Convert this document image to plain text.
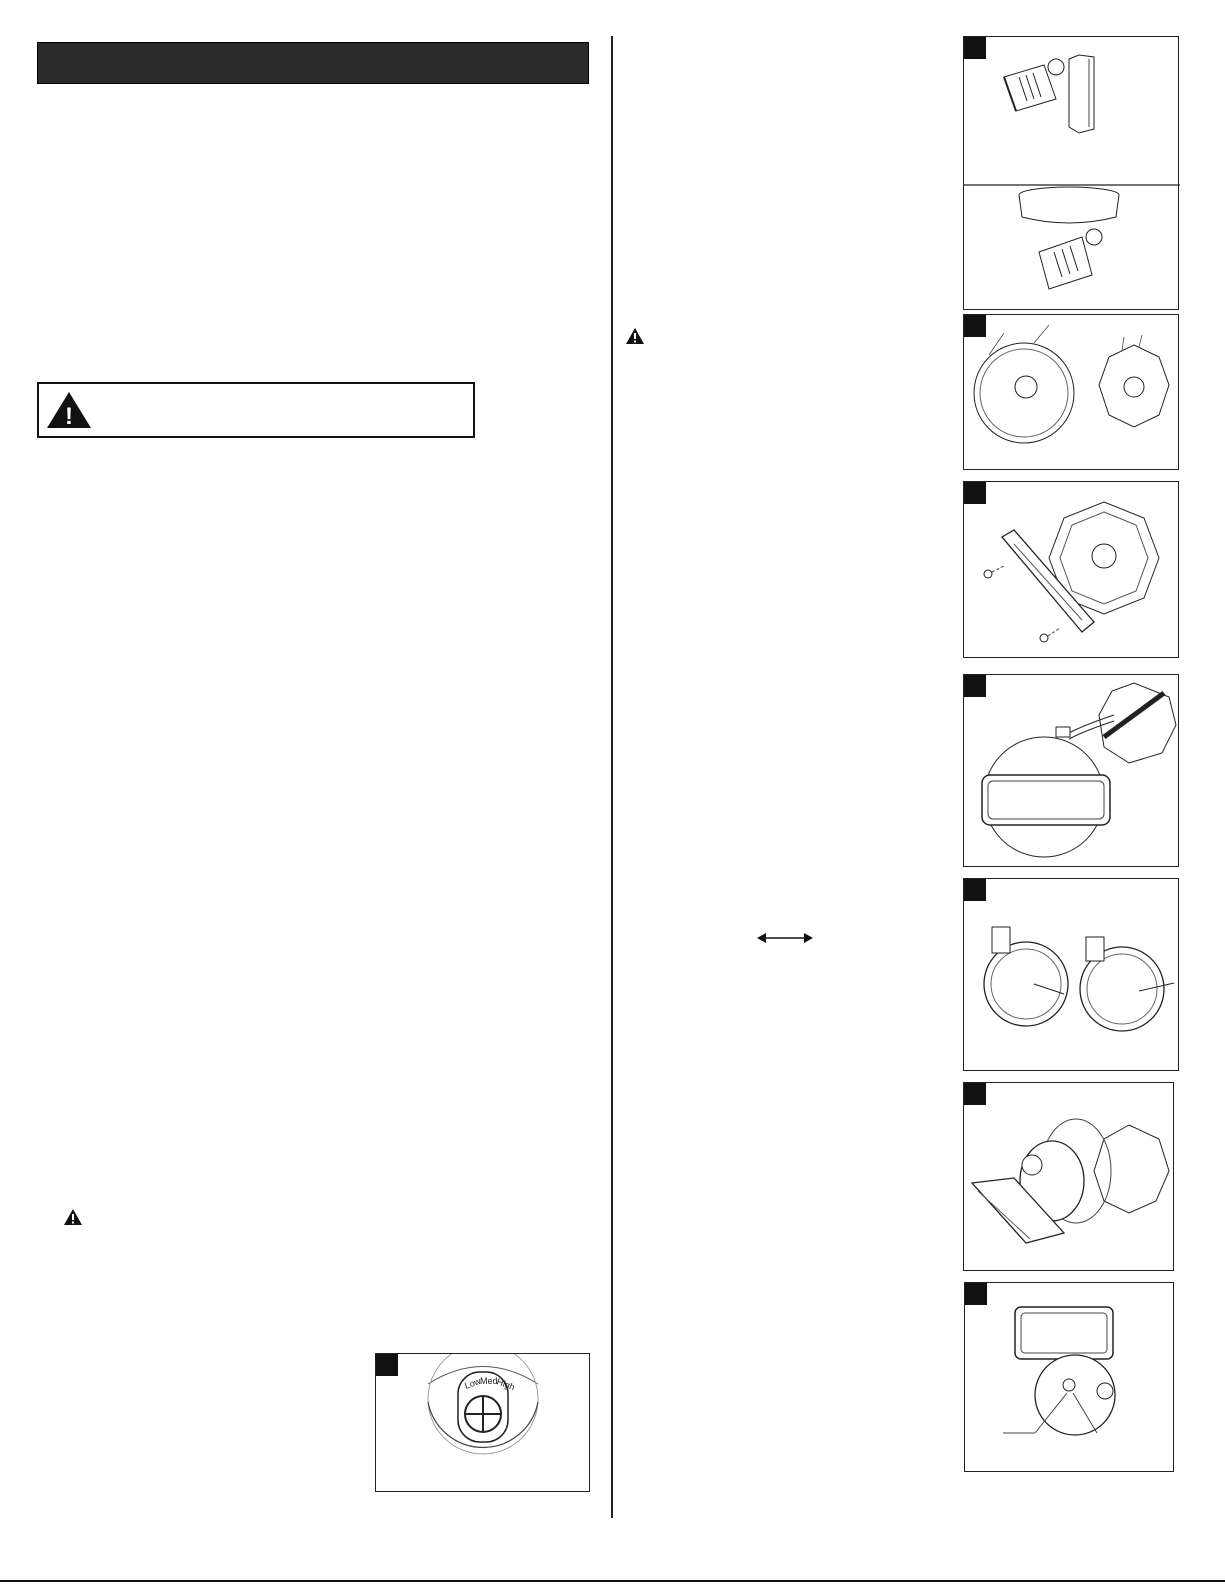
!
Low
Med
High
